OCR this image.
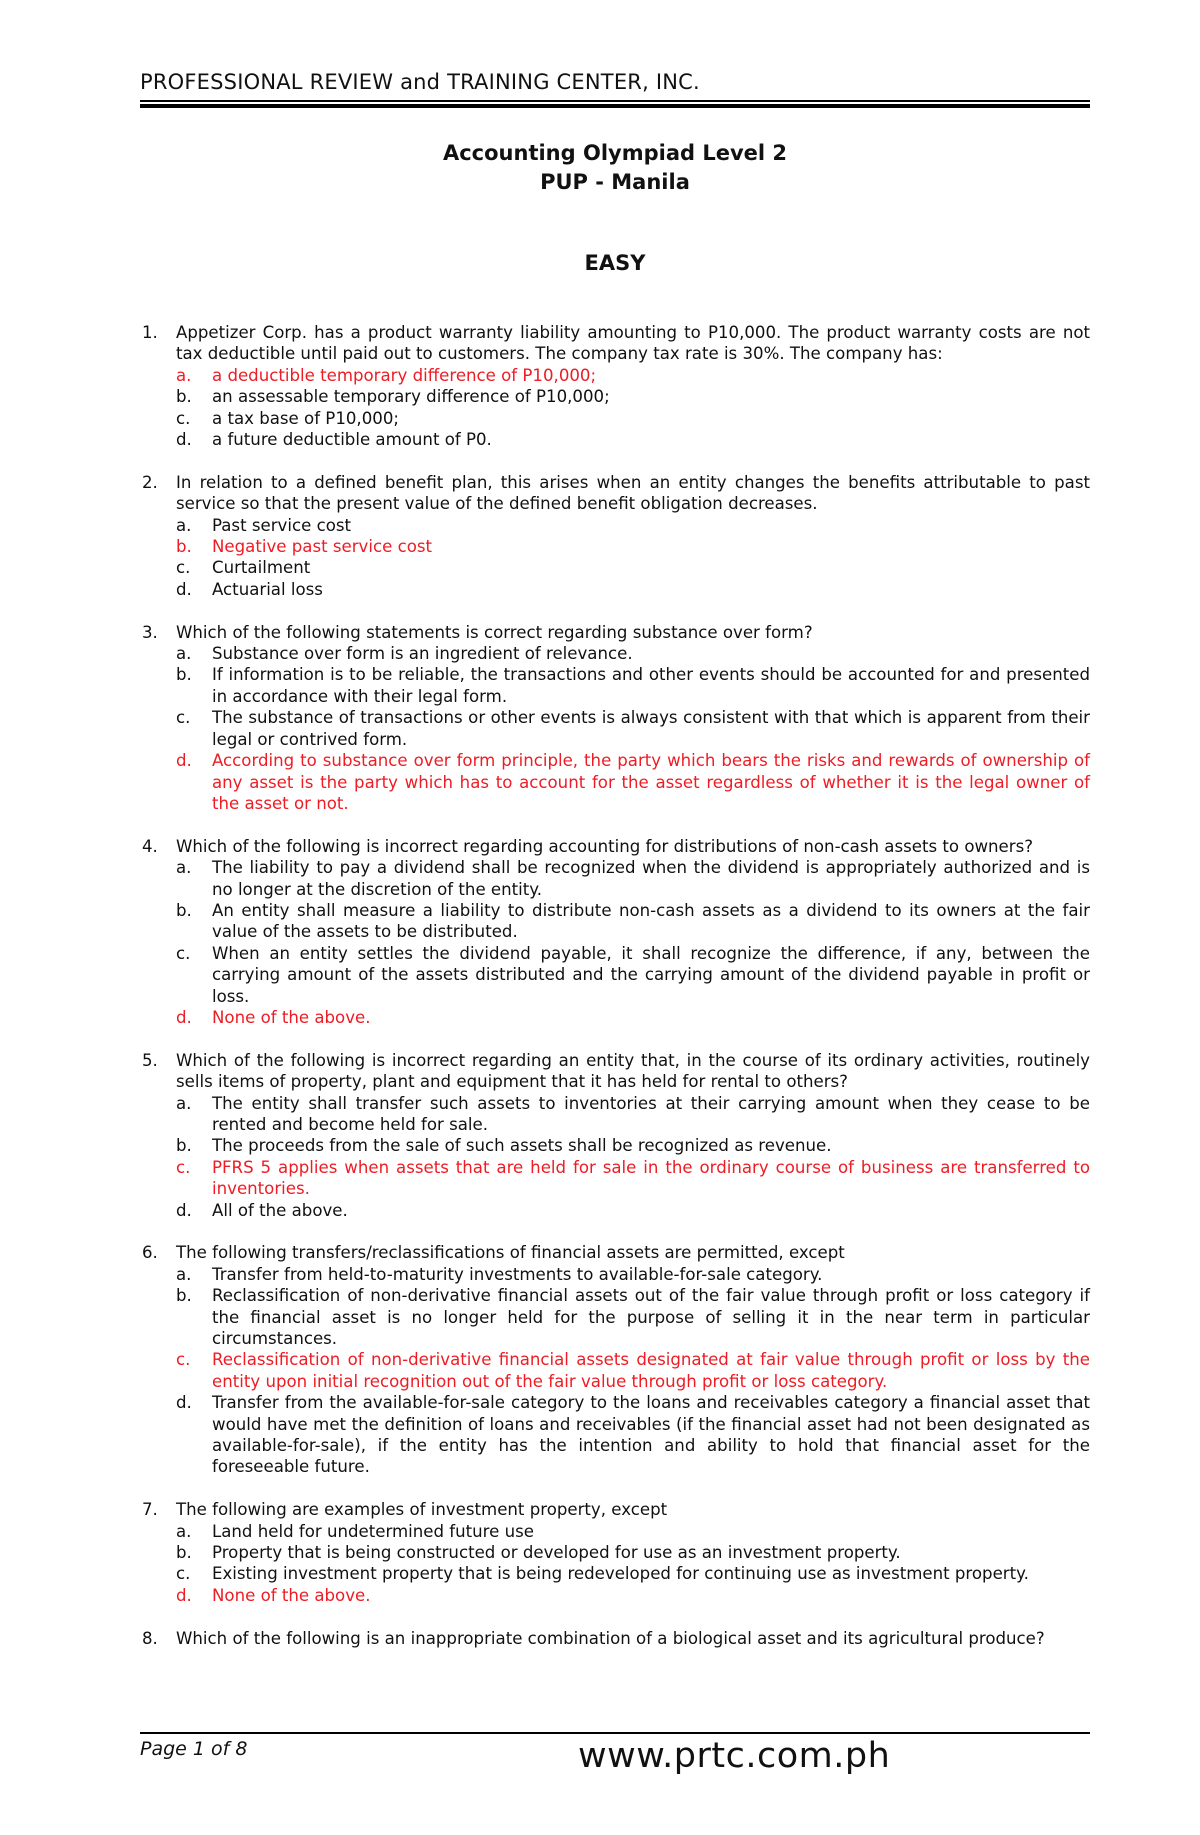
PROFESSIONAL REVIEW and TRAINING CENTER, INC.
Accounting Olympiad Level 2
PUP - Manila
EASY
1. Appetizer Corp. has a product warranty liability amounting to P10,000. The product warranty costs are not tax deductible until paid out to customers. The company tax rate is 30%. The company has:
a. a deductible temporary difference of P10,000;
b. an assessable temporary difference of P10,000;
c. a tax base of P10,000;
d. a future deductible amount of P0.
2. In relation to a defined benefit plan, this arises when an entity changes the benefits attributable to past service so that the present value of the defined benefit obligation decreases.
a. Past service cost
b. Negative past service cost
c. Curtailment
d. Actuarial loss
3. Which of the following statements is correct regarding substance over form?
a. Substance over form is an ingredient of relevance.
b. If information is to be reliable, the transactions and other events should be accounted for and presented in accordance with their legal form.
c. The substance of transactions or other events is always consistent with that which is apparent from their legal or contrived form.
d. According to substance over form principle, the party which bears the risks and rewards of ownership of any asset is the party which has to account for the asset regardless of whether it is the legal owner of the asset or not.
4. Which of the following is incorrect regarding accounting for distributions of non-cash assets to owners?
a. The liability to pay a dividend shall be recognized when the dividend is appropriately authorized and is no longer at the discretion of the entity.
b. An entity shall measure a liability to distribute non-cash assets as a dividend to its owners at the fair value of the assets to be distributed.
c. When an entity settles the dividend payable, it shall recognize the difference, if any, between the carrying amount of the assets distributed and the carrying amount of the dividend payable in profit or loss.
d. None of the above.
5. Which of the following is incorrect regarding an entity that, in the course of its ordinary activities, routinely sells items of property, plant and equipment that it has held for rental to others?
a. The entity shall transfer such assets to inventories at their carrying amount when they cease to be rented and become held for sale.
b. The proceeds from the sale of such assets shall be recognized as revenue.
c. PFRS 5 applies when assets that are held for sale in the ordinary course of business are transferred to inventories.
d. All of the above.
6. The following transfers/reclassifications of financial assets are permitted, except
a. Transfer from held-to-maturity investments to available-for-sale category.
b. Reclassification of non-derivative financial assets out of the fair value through profit or loss category if the financial asset is no longer held for the purpose of selling it in the near term in particular circumstances.
c. Reclassification of non-derivative financial assets designated at fair value through profit or loss by the entity upon initial recognition out of the fair value through profit or loss category.
d. Transfer from the available-for-sale category to the loans and receivables category a financial asset that would have met the definition of loans and receivables (if the financial asset had not been designated as available-for-sale), if the entity has the intention and ability to hold that financial asset for the foreseeable future.
7. The following are examples of investment property, except
a. Land held for undetermined future use
b. Property that is being constructed or developed for use as an investment property.
c. Existing investment property that is being redeveloped for continuing use as investment property.
d. None of the above.
8. Which of the following is an inappropriate combination of a biological asset and its agricultural produce?
Page 1 of 8	www.prtc.com.ph
